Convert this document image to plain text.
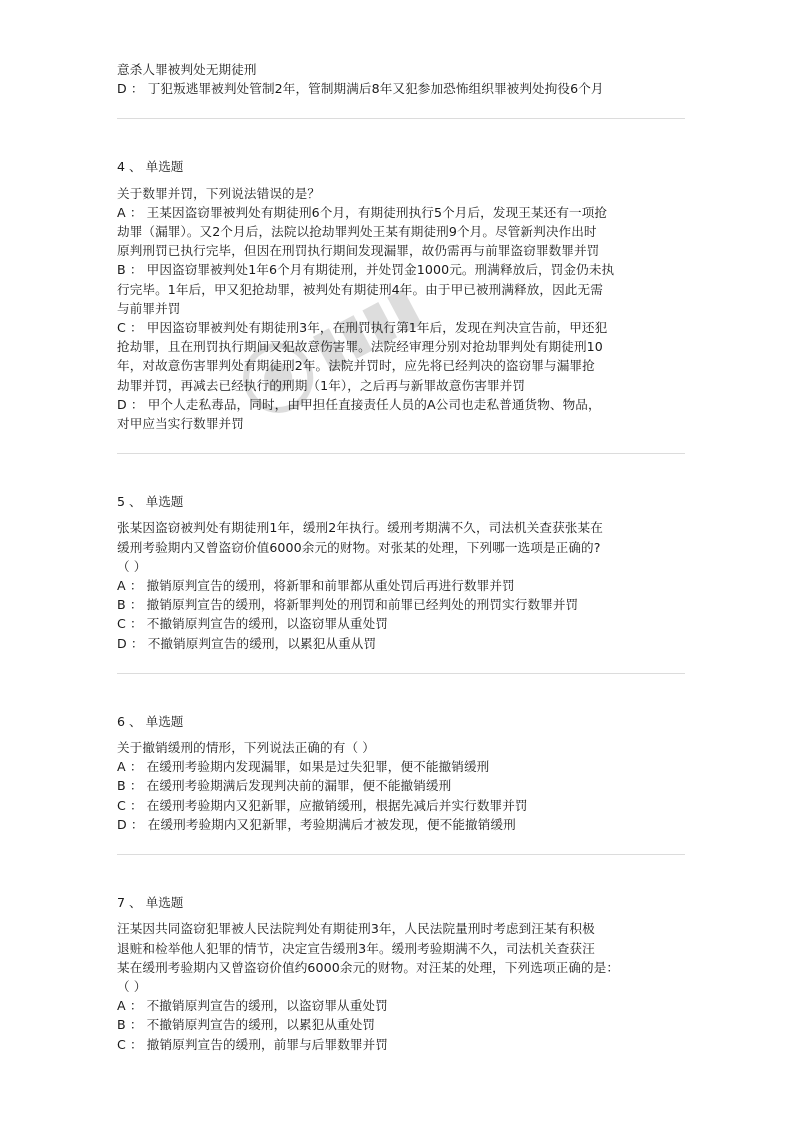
意杀人罪被判处无期徒刑
D ： 丁犯叛逃罪被判处管制2年，管制期满后8年又犯参加恐怖组织罪被判处拘役6个月
4 、 单选题
关于数罪并罚，下列说法错误的是？
A ： 王某因盗窃罪被判处有期徒刑6个月，有期徒刑执行5个月后，发现王某还有一项抢
劫罪（漏罪）。又2个月后，法院以抢劫罪判处王某有期徒刑9个月。尽管新判决作出时
原判刑罚已执行完毕，但因在刑罚执行期间发现漏罪，故仍需再与前罪盗窃罪数罪并罚
B ： 甲因盗窃罪被判处1年6个月有期徒刑，并处罚金1000元。刑满释放后，罚金仍未执
行完毕。1年后，甲又犯抢劫罪，被判处有期徒刑4年。由于甲已被刑满释放，因此无需
与前罪并罚
C ： 甲因盗窃罪被判处有期徒刑3年，在刑罚执行第1年后，发现在判决宣告前，甲还犯
抢劫罪，且在刑罚执行期间又犯故意伤害罪。法院经审理分别对抢劫罪判处有期徒刑10
年，对故意伤害罪判处有期徒刑2年。法院并罚时，应先将已经判决的盗窃罪与漏罪抢
劫罪并罚，再减去已经执行的刑期（1年），之后再与新罪故意伤害罪并罚
D ： 甲个人走私毒品，同时，由甲担任直接责任人员的A公司也走私普通货物、物品，
对甲应当实行数罪并罚
5 、 单选题
张某因盗窃被判处有期徒刑1年，缓刑2年执行。缓刑考期满不久，司法机关查获张某在
缓刑考验期内又曾盗窃价值6000余元的财物。对张某的处理，下列哪一选项是正确的?
（ ）
A ： 撤销原判宣告的缓刑，将新罪和前罪都从重处罚后再进行数罪并罚
B ： 撤销原判宣告的缓刑，将新罪判处的刑罚和前罪已经判处的刑罚实行数罪并罚
C ： 不撤销原判宣告的缓刑，以盗窃罪从重处罚
D ： 不撤销原判宣告的缓刑，以累犯从重从罚
6 、 单选题
关于撤销缓刑的情形，下列说法正确的有（ ）
A ： 在缓刑考验期内发现漏罪，如果是过失犯罪，便不能撤销缓刑
B ： 在缓刑考验期满后发现判决前的漏罪，便不能撤销缓刑
C ： 在缓刑考验期内又犯新罪，应撤销缓刑，根据先减后并实行数罪并罚
D ： 在缓刑考验期内又犯新罪，考验期满后才被发现，便不能撤销缓刑
7 、 单选题
汪某因共同盗窃犯罪被人民法院判处有期徒刑3年，人民法院量刑时考虑到汪某有积极
退赃和检举他人犯罪的情节，决定宣告缓刑3年。缓刑考验期满不久，司法机关查获汪
某在缓刑考验期内又曾盗窃价值约6000余元的财物。对汪某的处理，下列选项正确的是：
（ ）
A ： 不撤销原判宣告的缓刑，以盗窃罪从重处罚
B ： 不撤销原判宣告的缓刑，以累犯从重处罚
C ： 撤销原判宣告的缓刑，前罪与后罪数罪并罚
